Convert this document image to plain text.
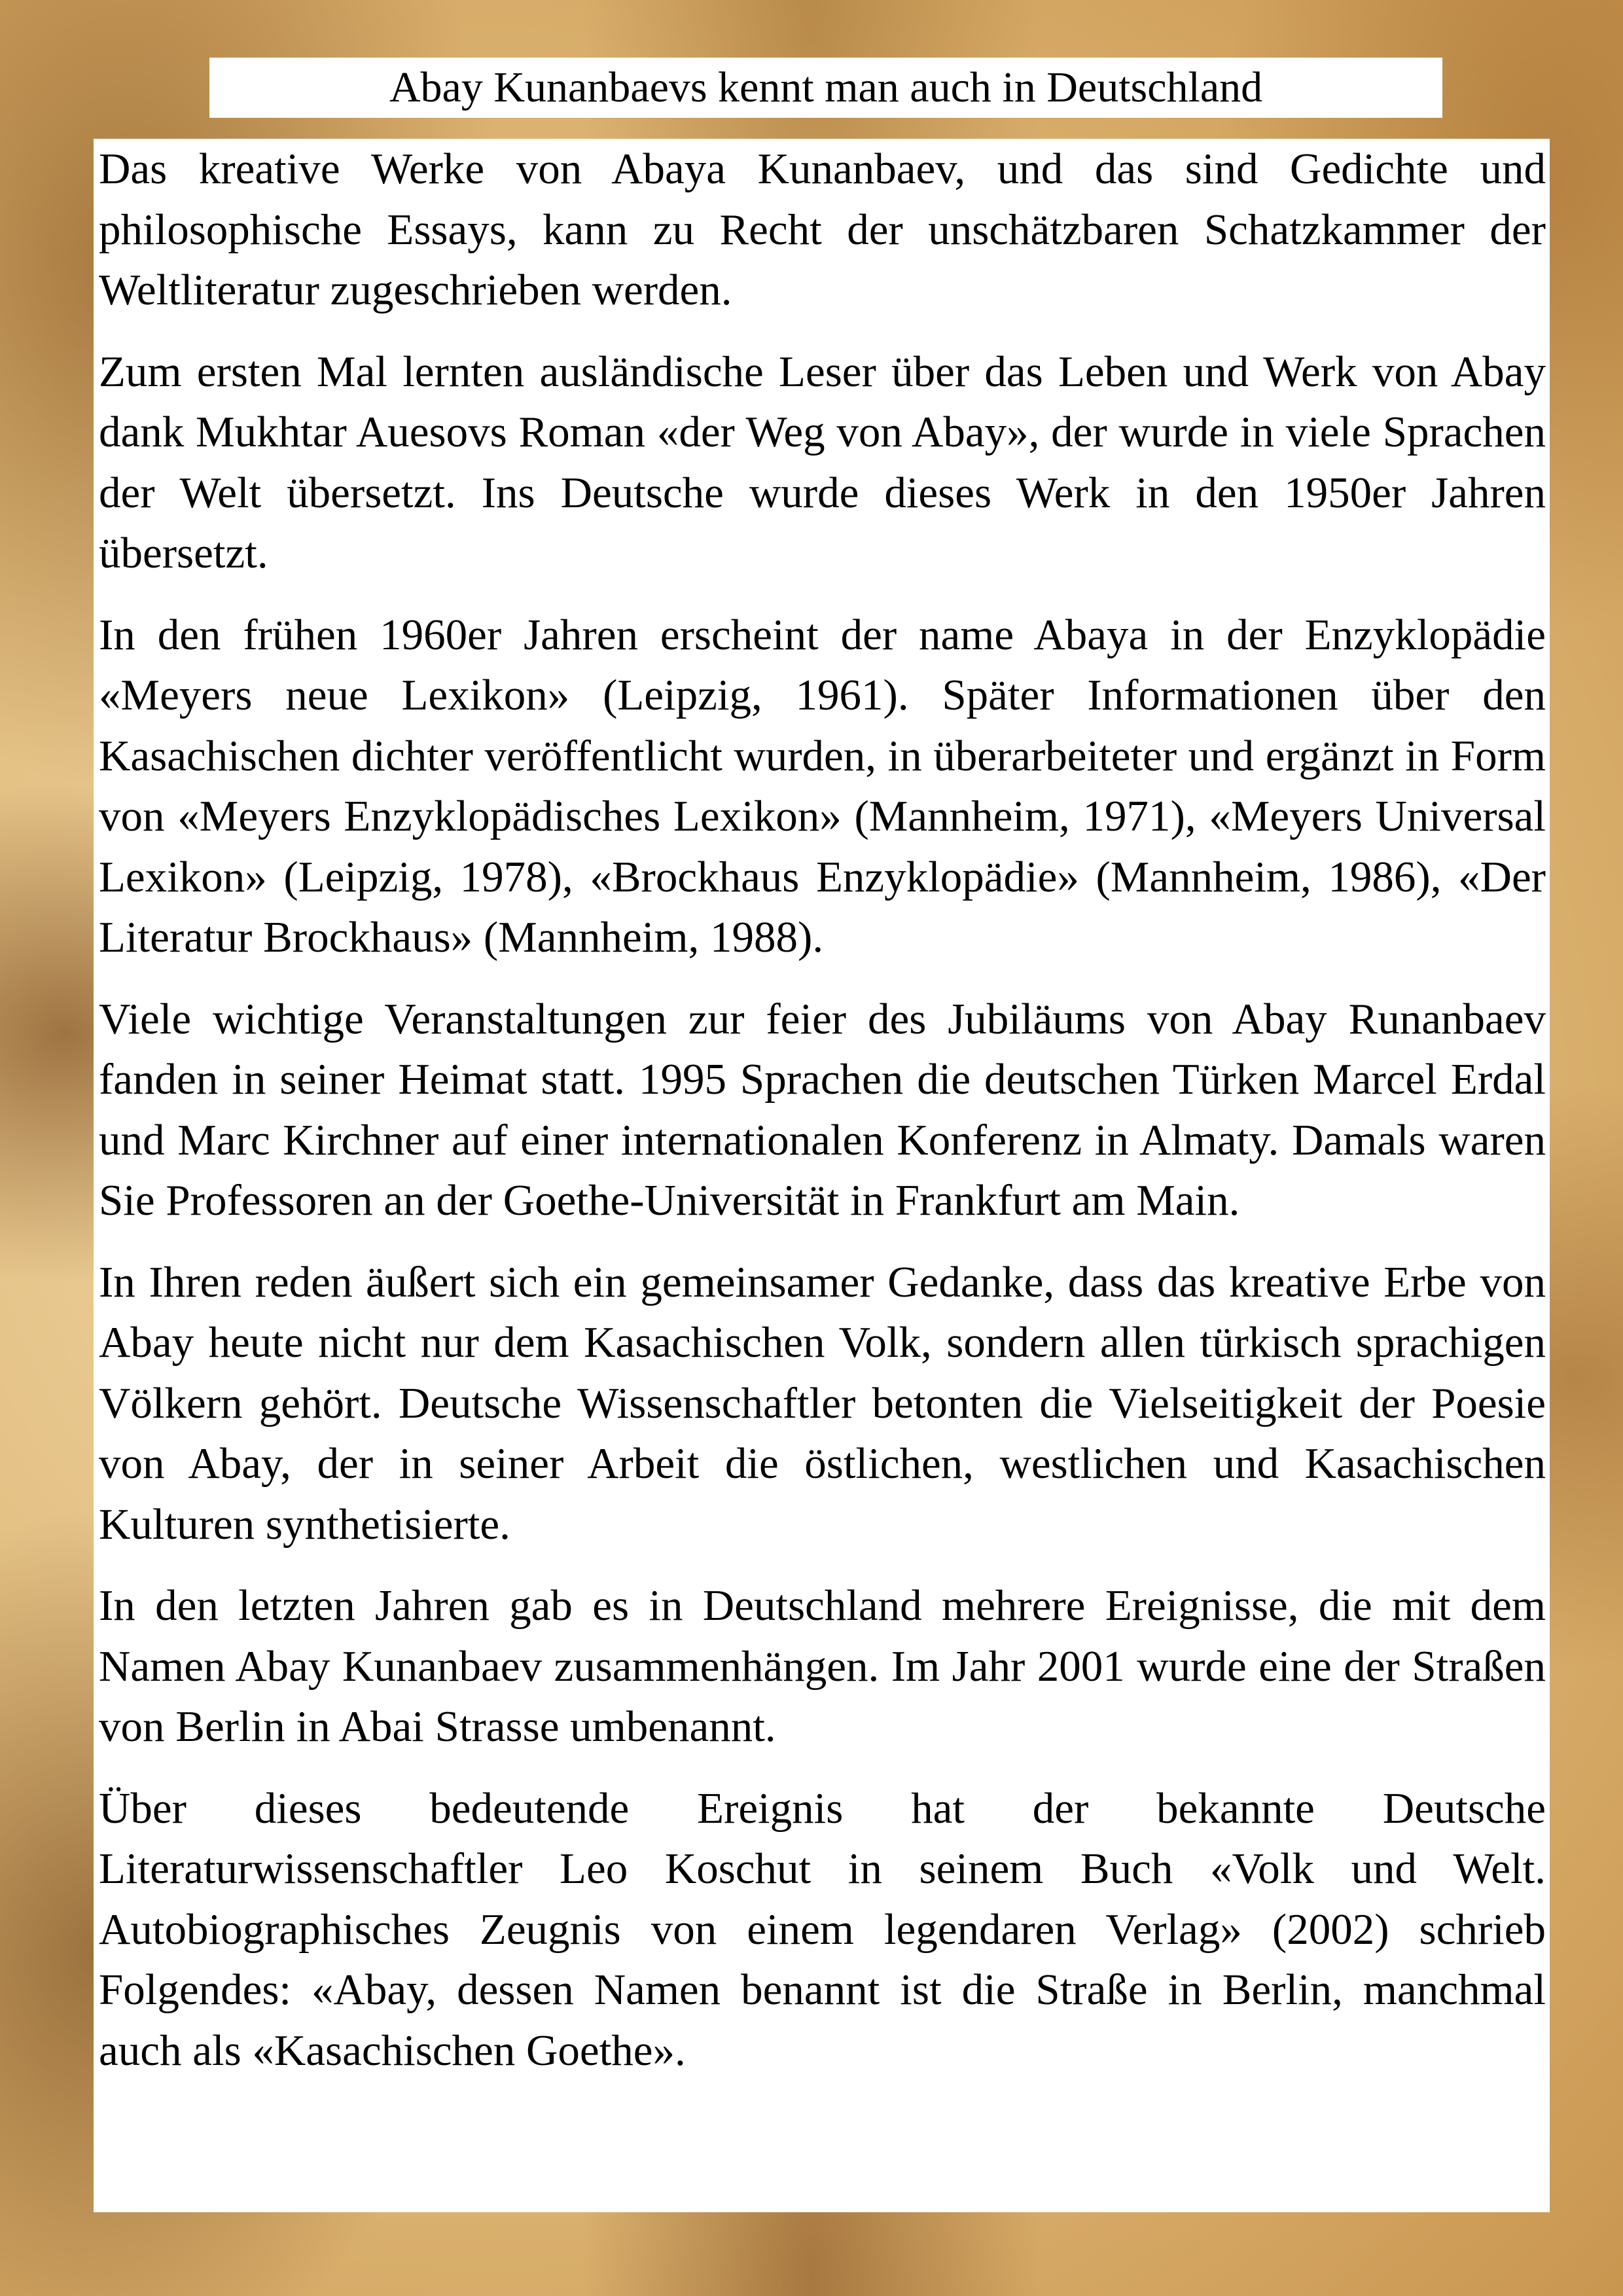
Abay Kunanbaevs kennt man auch in Deutschland

Das kreative Werke von Abaya Kunanbaev, und das sind Gedichte und philosophische Essays, kann zu Recht der unschätzbaren Schatzkammer der Weltliteratur zugeschrieben werden.

Zum ersten Mal lernten ausländische Leser über das Leben und Werk von Abay dank Mukhtar Auesovs Roman «der Weg von Abay», der wurde in viele Sprachen der Welt übersetzt. Ins Deutsche wurde dieses Werk in den 1950er Jahren übersetzt.

In den frühen 1960er Jahren erscheint der name Abaya in der Enzyklopädie «Meyers neue Lexikon» (Leipzig, 1961). Später Informationen über den Kasachischen dichter veröffentlicht wurden, in überarbeiteter und ergänzt in Form von «Meyers Enzyklopädisches Lexikon» (Mannheim, 1971), «Meyers Universal Lexikon» (Leipzig, 1978), «Brockhaus Enzyklopädie» (Mannheim, 1986), «Der Literatur Brockhaus» (Mannheim, 1988).

Viele wichtige Veranstaltungen zur feier des Jubiläums von Abay Runanbaev fanden in seiner Heimat statt. 1995 Sprachen die deutschen Türken Marcel Erdal und Marc Kirchner auf einer internationalen Konferenz in Almaty. Damals waren Sie Professoren an der Goethe-Universität in Frankfurt am Main.

In Ihren reden äußert sich ein gemeinsamer Gedanke, dass das kreative Erbe von Abay heute nicht nur dem Kasachischen Volk, sondern allen türkisch sprachigen Völkern gehört. Deutsche Wissenschaftler betonten die Vielseitigkeit der Poesie von Abay, der in seiner Arbeit die östlichen, westlichen und Kasachischen Kulturen synthetisierte.

In den letzten Jahren gab es in Deutschland mehrere Ereignisse, die mit dem Namen Abay Kunanbaev zusammenhängen. Im Jahr 2001 wurde eine der Straßen von Berlin in Abai Strasse umbenannt.

Über dieses bedeutende Ereignis hat der bekannte Deutsche Literaturwissenschaftler Leo Koschut in seinem Buch «Volk und Welt. Autobiographisches Zeugnis von einem legendaren Verlag» (2002) schrieb Folgendes: «Abay, dessen Namen benannt ist die Straße in Berlin, manchmal auch als «Kasachischen Goethe».
